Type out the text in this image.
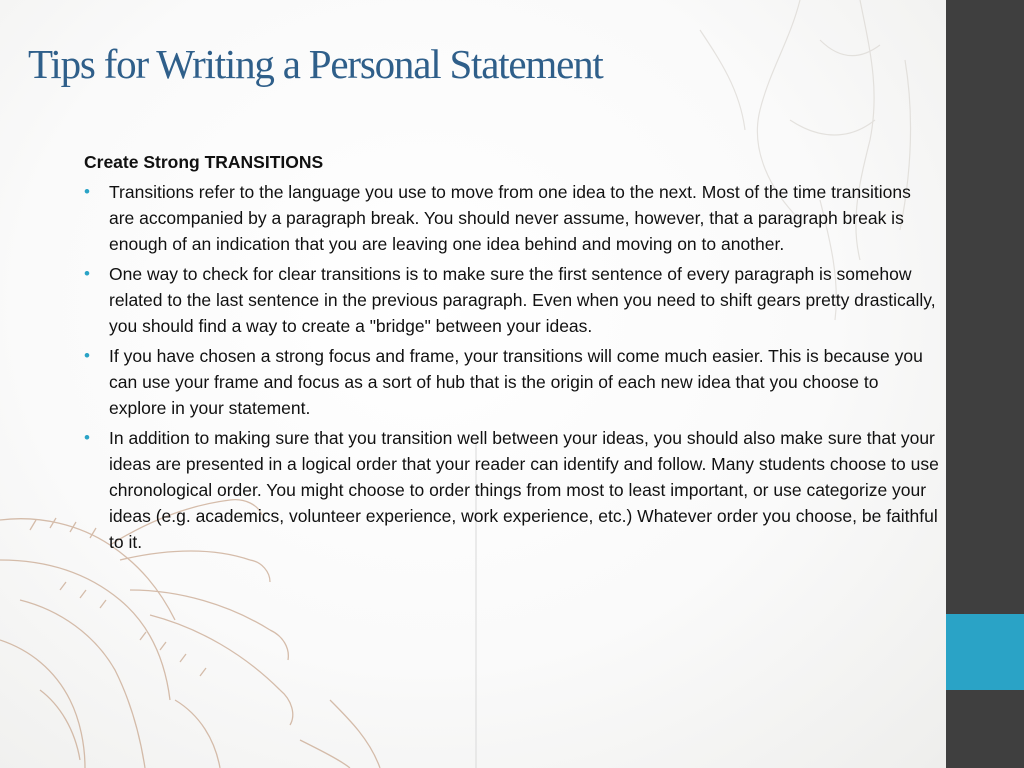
Tips for Writing a Personal Statement
Create Strong TRANSITIONS
• Transitions refer to the language you use to move from one idea to the next. Most of the time transitions are accompanied by a paragraph break. You should never assume, however, that a paragraph break is enough of an indication that you are leaving one idea behind and moving on to another.
• One way to check for clear transitions is to make sure the first sentence of every paragraph is somehow related to the last sentence in the previous paragraph. Even when you need to shift gears pretty drastically, you should find a way to create a "bridge" between your ideas.
• If you have chosen a strong focus and frame, your transitions will come much easier. This is because you can use your frame and focus as a sort of hub that is the origin of each new idea that you choose to explore in your statement.
• In addition to making sure that you transition well between your ideas, you should also make sure that your ideas are presented in a logical order that your reader can identify and follow. Many students choose to use chronological order. You might choose to order things from most to least important, or use categorize your ideas (e.g. academics, volunteer experience, work experience, etc.) Whatever order you choose, be faithful to it.
